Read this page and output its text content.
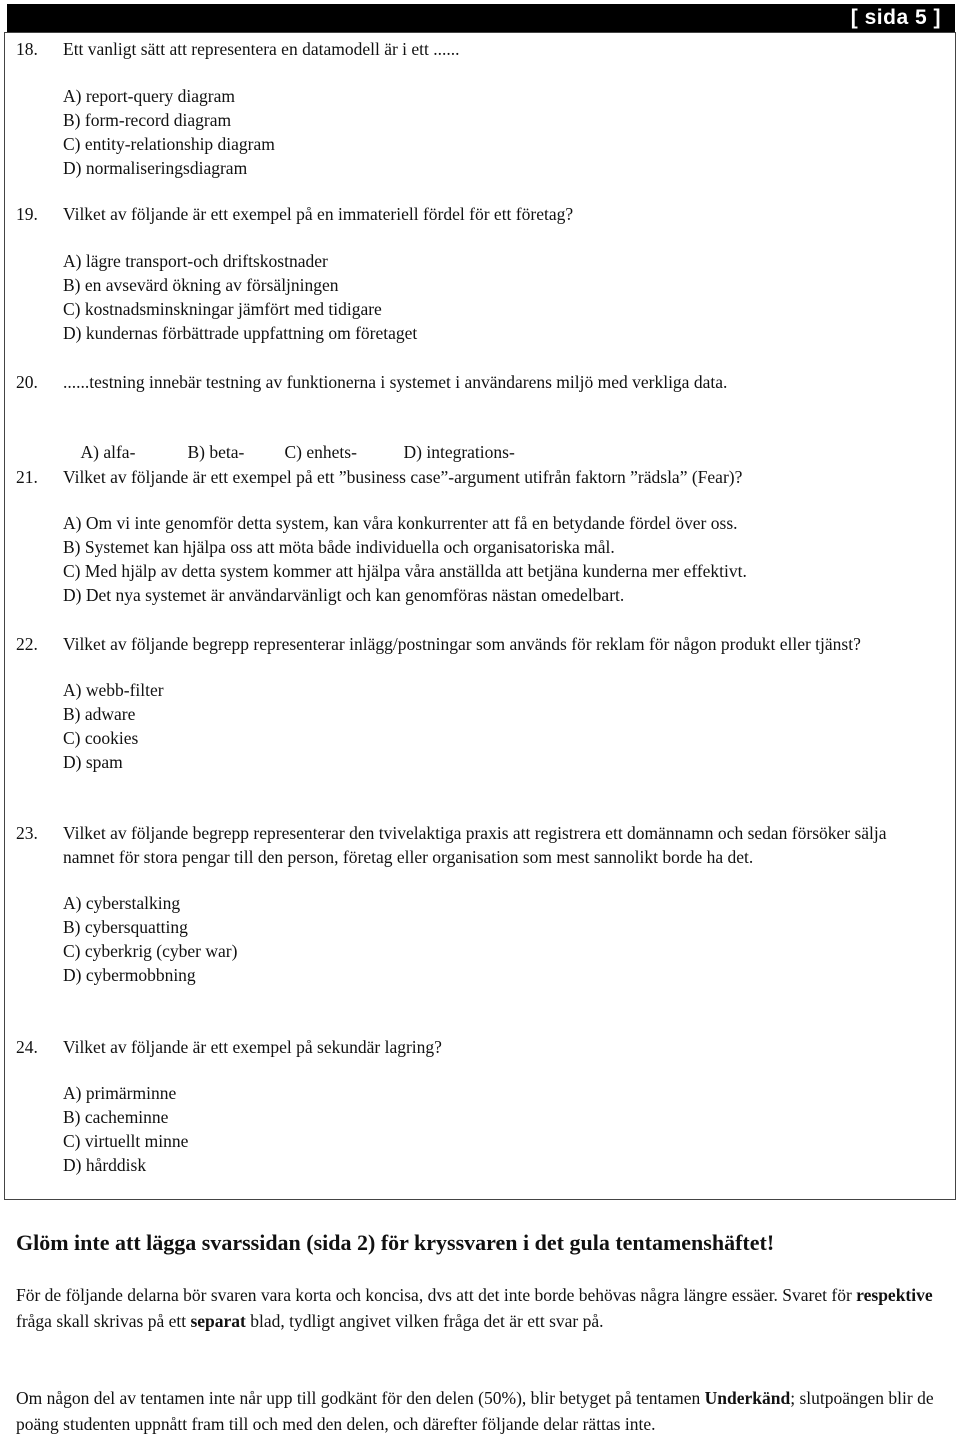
[ sida 5 ]
18. Ett vanligt sätt att representera en datamodell är i ett ......
A) report-query diagram
B) form-record diagram
C) entity-relationship diagram
D) normaliseringsdiagram
19. Vilket av följande är ett exempel på en immateriell fördel för ett företag?
A) lägre transport-och driftskostnader
B) en avsevärd ökning av försäljningen
C) kostnadsminskningar jämfört med tidigare
D) kundernas förbättrade uppfattning om företaget
20. ......testning innebär testning av funktionerna i systemet i användarens miljö med verkliga data.

A) alfa-	B) beta- C) enhets-	D) integrations-

21. Vilket av följande är ett exempel på ett ”business case”-argument utifrån faktorn ”rädsla” (Fear)?
A) Om vi inte genomför detta system, kan våra konkurrenter att få en betydande fördel över oss.
B) Systemet kan hjälpa oss att möta både individuella och organisatoriska mål.
C) Med hjälp av detta system kommer att hjälpa våra anställda att betjäna kunderna mer effektivt.
D) Det nya systemet är användarvänligt och kan genomföras nästan omedelbart.
22. Vilket av följande begrepp representerar inlägg/postningar som används för reklam för någon produkt eller tjänst?
A) webb-filter
B) adware
C) cookies
D) spam
23. Vilket av följande begrepp representerar den tvivelaktiga praxis att registrera ett domännamn och sedan försöker sälja namnet för stora pengar till den person, företag eller organisation som mest sannolikt borde ha det.
A) cyberstalking
B) cybersquatting
C) cyberkrig (cyber war)
D) cybermobbning
24. Vilket av följande är ett exempel på sekundär lagring?
A) primärminne
B) cacheminne
C) virtuellt minne
D) hårddisk
Glöm inte att lägga svarssidan (sida 2) för kryssvaren i det gula tentamenshäftet!

För de följande delarna bör svaren vara korta och koncisa, dvs att det inte borde behövas några längre essäer. Svaret för respektive fråga skall skrivas på ett separat blad, tydligt angivet vilken fråga det är ett svar på.

Om någon del av tentamen inte når upp till godkänt för den delen (50%), blir betyget på tentamen Underkänd; slutpoängen blir de poäng studenten uppnått fram till och med den delen, och därefter följande delar rättas inte.
